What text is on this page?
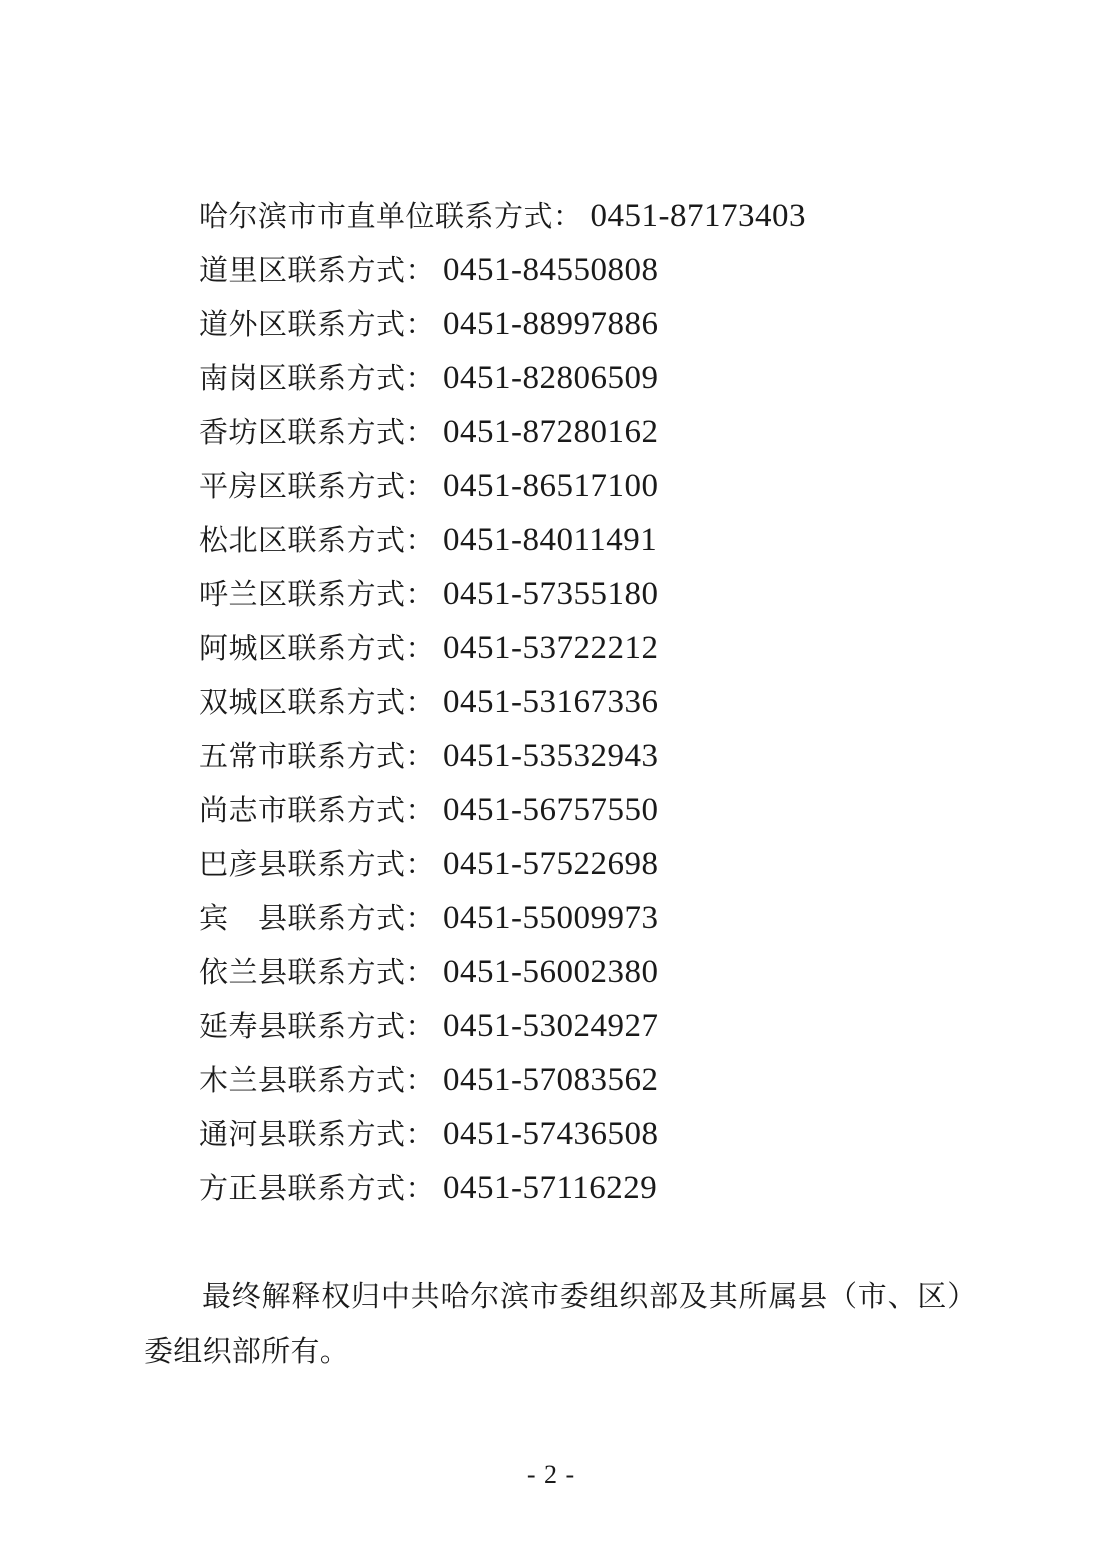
哈尔滨市市直单位联系方式： 0451-87173403
道里区联系方式： 0451-84550808
道外区联系方式： 0451-88997886
南岗区联系方式： 0451-82806509
香坊区联系方式： 0451-87280162
平房区联系方式： 0451-86517100
松北区联系方式： 0451-84011491
呼兰区联系方式： 0451-57355180
阿城区联系方式： 0451-53722212
双城区联系方式： 0451-53167336
五常市联系方式： 0451-53532943
尚志市联系方式： 0451-56757550
巴彦县联系方式： 0451-57522698
宾　县联系方式： 0451-55009973
依兰县联系方式： 0451-56002380
延寿县联系方式： 0451-53024927
木兰县联系方式： 0451-57083562
通河县联系方式： 0451-57436508
方正县联系方式： 0451-57116229

最终解释权归中共哈尔滨市委组织部及其所属县（市、区）委组织部所有。

- 2 -
